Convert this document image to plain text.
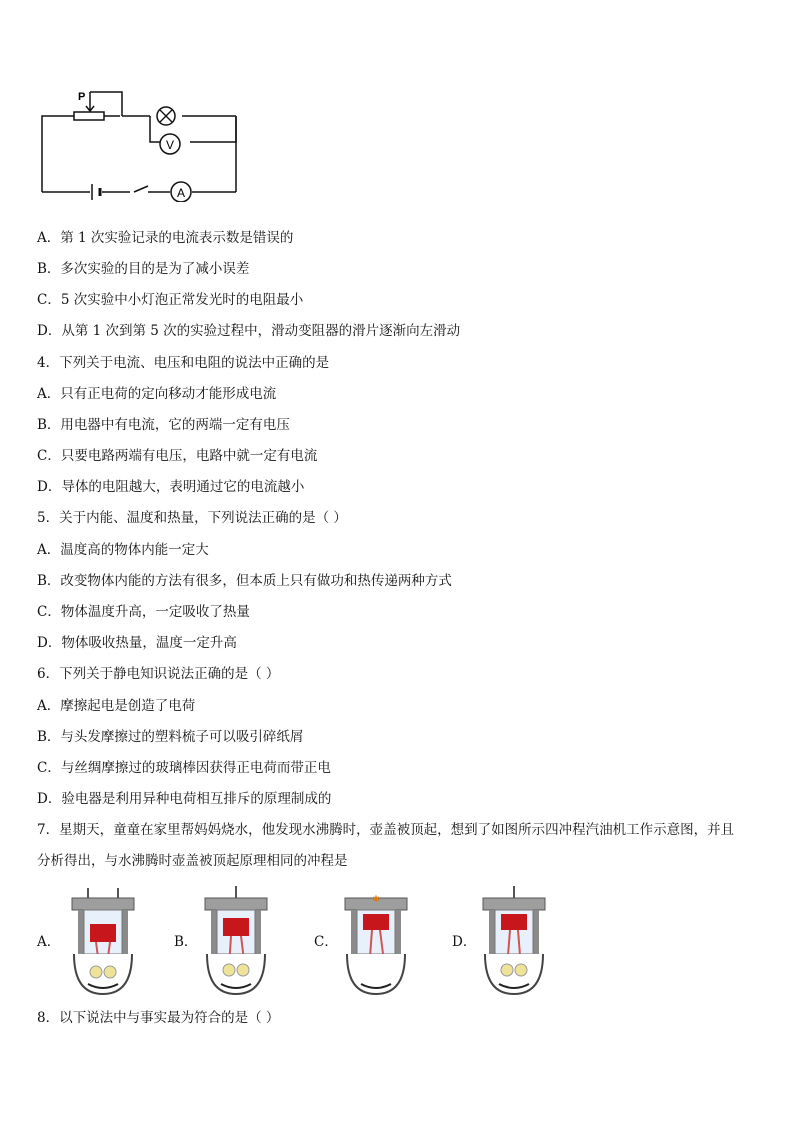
V
A
P
A．第 1 次实验记录的电流表示数是错误的
B．多次实验的目的是为了减小误差
C．5 次实验中小灯泡正常发光时的电阻最小
D．从第 1 次到第 5 次的实验过程中，滑动变阻器的滑片逐渐向左滑动
4．下列关于电流、电压和电阻的说法中正确的是
A．只有正电荷的定向移动才能形成电流
B．用电器中有电流，它的两端一定有电压
C．只要电路两端有电压，电路中就一定有电流
D．导体的电阻越大，表明通过它的电流越小
5．关于内能、温度和热量，下列说法正确的是（ ）
A．温度高的物体内能一定大
B．改变物体内能的方法有很多，但本质上只有做功和热传递两种方式
C．物体温度升高，一定吸收了热量
D．物体吸收热量，温度一定升高
6．下列关于静电知识说法正确的是（ ）
A．摩擦起电是创造了电荷
B．与头发摩擦过的塑料梳子可以吸引碎纸屑
C．与丝绸摩擦过的玻璃棒因获得正电荷而带正电
D．验电器是利用异种电荷相互排斥的原理制成的
7．星期天，童童在家里帮妈妈烧水，他发现水沸腾时，壶盖被顶起，想到了如图所示四冲程汽油机工作示意图，并且
分析得出，与水沸腾时壶盖被顶起原理相同的冲程是
A．	B．	C．	D．
✱
8．以下说法中与事实最为符合的是（ ）
